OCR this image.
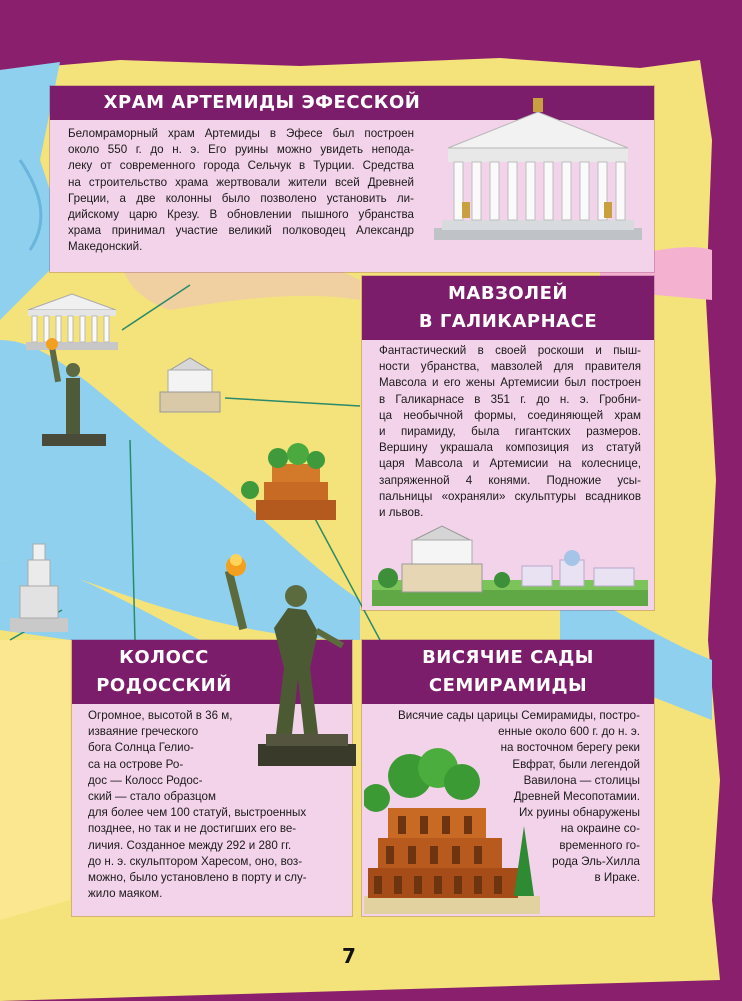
ХРАМ АРТЕМИДЫ ЭФЕССКОЙ
Беломраморный храм Артемиды в Эфесе был построен
около 550 г. до н. э. Его руины можно увидеть непода-
леку от современного города Сельчук в Турции. Средства
на строительство храма жертвовали жители всей Древней
Греции, а две колонны было позволено установить ли-
дийскому царю Крезу. В обновлении пышного убранства
храма принимал участие великий полководец Александр
Македонский.
МАВЗОЛЕЙ
В ГАЛИКАРНАСЕ
Фантастический в своей роскоши и пыш-
ности убранства, мавзолей для правителя
Мавсола и его жены Артемисии был построен
в Галикарнасе в 351 г. до н. э. Гробни-
ца необычной формы, соединяющей храм
и пирамиду, была гигантских размеров.
Вершину украшала композиция из статуй
царя Мавсола и Артемисии на колеснице,
запряженной 4 конями. Подножие усы-
пальницы «охраняли» скульптуры всадников
и львов.
КОЛОСС
РОДОССКИЙ
Огромное, высотой в 36 м,
изваяние греческого
бога Солнца Гелио-
са на острове Ро-
дос — Колосс Родос-
ский — стало образцом
для более чем 100 статуй, выстроенных
позднее, но так и не достигших его ве-
личия. Созданное между 292 и 280 гг.
до н. э. скульптором Харесом, оно, воз-
можно, было установлено в порту и слу-
жило маяком.
ВИСЯЧИЕ САДЫ
СЕМИРАМИДЫ
Висячие сады царицы Семирамиды, постро-
енные около 600 г. до н. э.
на восточном берегу реки
Евфрат, были легендой
Вавилона — столицы
Древней Месопотамии.
Их руины обнаружены
на окраине со-
временного го-
рода Эль-Хилла
в Ираке.
7
